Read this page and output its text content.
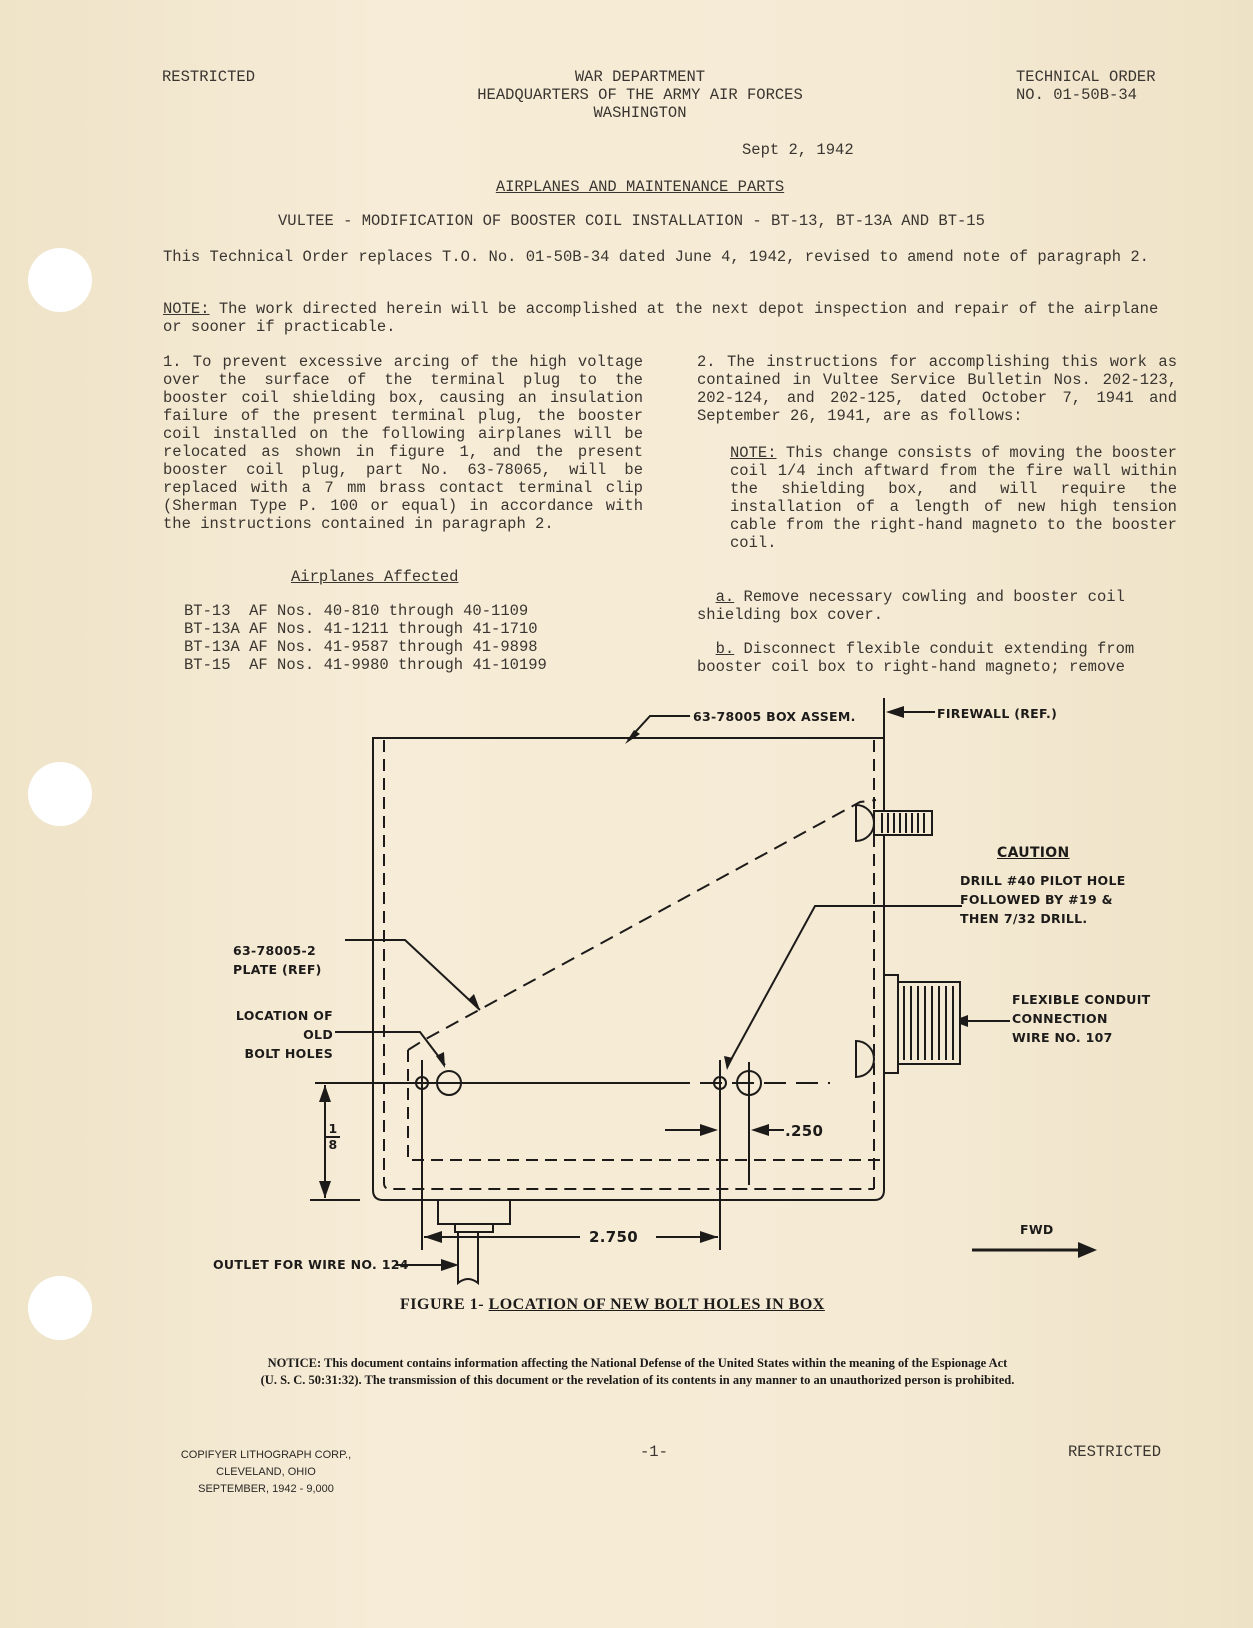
RESTRICTED	WAR DEPARTMENT
HEADQUARTERS OF THE ARMY AIR FORCES
WASHINGTON
TECHNICAL ORDER
NO. 01-50B-34
Sept 2, 1942
AIRPLANES AND MAINTENANCE PARTS
VULTEE - MODIFICATION OF BOOSTER COIL INSTALLATION - BT-13, BT-13A AND BT-15
This Technical Order replaces T.O. No. 01-50B-34 dated June 4, 1942, revised to amend note of paragraph 2.
NOTE: The work directed herein will be accomplished at the next depot inspection and repair of the airplane or sooner if practicable.
1. To prevent excessive arcing of the high voltage over the surface of the terminal plug to the booster coil shielding box, causing an insulation failure of the present terminal plug, the booster coil installed on the following airplanes will be relocated as shown in figure 1, and the present booster coil plug, part No. 63-78065, will be replaced with a 7 mm brass contact terminal clip (Sherman Type P. 100 or equal) in accordance with the instructions contained in paragraph 2.
Airplanes Affected
BT-13  AF Nos. 40-810 through 40-1109
BT-13A AF Nos. 41-1211 through 41-1710
BT-13A AF Nos. 41-9587 through 41-9898
BT-15  AF Nos. 41-9980 through 41-10199
2. The instructions for accomplishing this work as contained in Vultee Service Bulletin Nos. 202-123, 202-124, and 202-125, dated October 7, 1941 and September 26, 1941, are as follows:
NOTE: This change consists of moving the booster coil 1/4 inch aftward from the fire wall within the shielding box, and will require the installation of a length of new high tension cable from the right-hand magneto to the booster coil.
a. Remove necessary cowling and booster coil shielding box cover.
b. Disconnect flexible conduit extending from booster coil box to right-hand magneto; remove
63-78005 BOX ASSEM.	FIREWALL (REF.)
CAUTION
DRILL #40 PILOT HOLE
FOLLOWED BY #19 &
THEN 7/32 DRILL.
63-78005-2
PLATE (REF)
LOCATION OF OLD
BOLT HOLES
FLEXIBLE CONDUIT
CONNECTION
WIRE NO. 107
1
8
.250
2.750
OUTLET FOR WIRE NO. 124
FWD
FIGURE 1- LOCATION OF NEW BOLT HOLES IN BOX
NOTICE: This document contains information affecting the National Defense of the United States within the meaning of the Espionage Act
(U. S. C. 50:31:32). The transmission of this document or the revelation of its contents in any manner to an unauthorized person is prohibited.
COPIFYER LITHOGRAPH CORP., CLEVELAND, OHIO
SEPTEMBER, 1942 - 9,000
-1-	RESTRICTED
